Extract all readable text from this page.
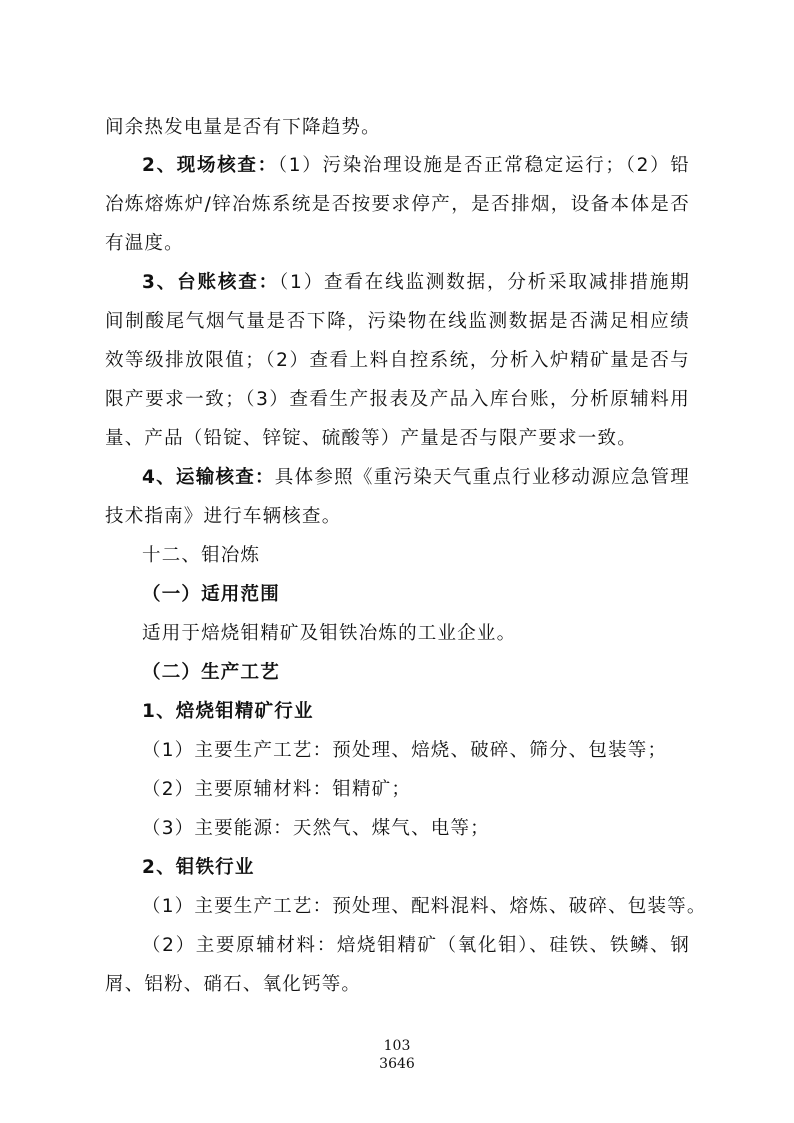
间余热发电量是否有下降趋势。
2、现场核查：（1）污染治理设施是否正常稳定运行；（2）铅
冶炼熔炼炉/锌冶炼系统是否按要求停产，是否排烟，设备本体是否
有温度。
3、台账核查：（1）查看在线监测数据，分析采取减排措施期
间制酸尾气烟气量是否下降，污染物在线监测数据是否满足相应绩
效等级排放限值；（2）查看上料自控系统，分析入炉精矿量是否与
限产要求一致；（3）查看生产报表及产品入库台账，分析原辅料用
量、产品（铅锭、锌锭、硫酸等）产量是否与限产要求一致。
4、运输核查：具体参照《重污染天气重点行业移动源应急管理
技术指南》进行车辆核查。
十二、钼冶炼
（一）适用范围
适用于焙烧钼精矿及钼铁冶炼的工业企业。
（二）生产工艺
1、焙烧钼精矿行业
（1）主要生产工艺：预处理、焙烧、破碎、筛分、包装等；
（2）主要原辅材料：钼精矿；
（3）主要能源：天然气、煤气、电等；
2、钼铁行业
（1）主要生产工艺：预处理、配料混料、熔炼、破碎、包装等。
（2）主要原辅材料：焙烧钼精矿（氧化钼）、硅铁、铁鳞、钢
屑、铝粉、硝石、氧化钙等。
103
3646
